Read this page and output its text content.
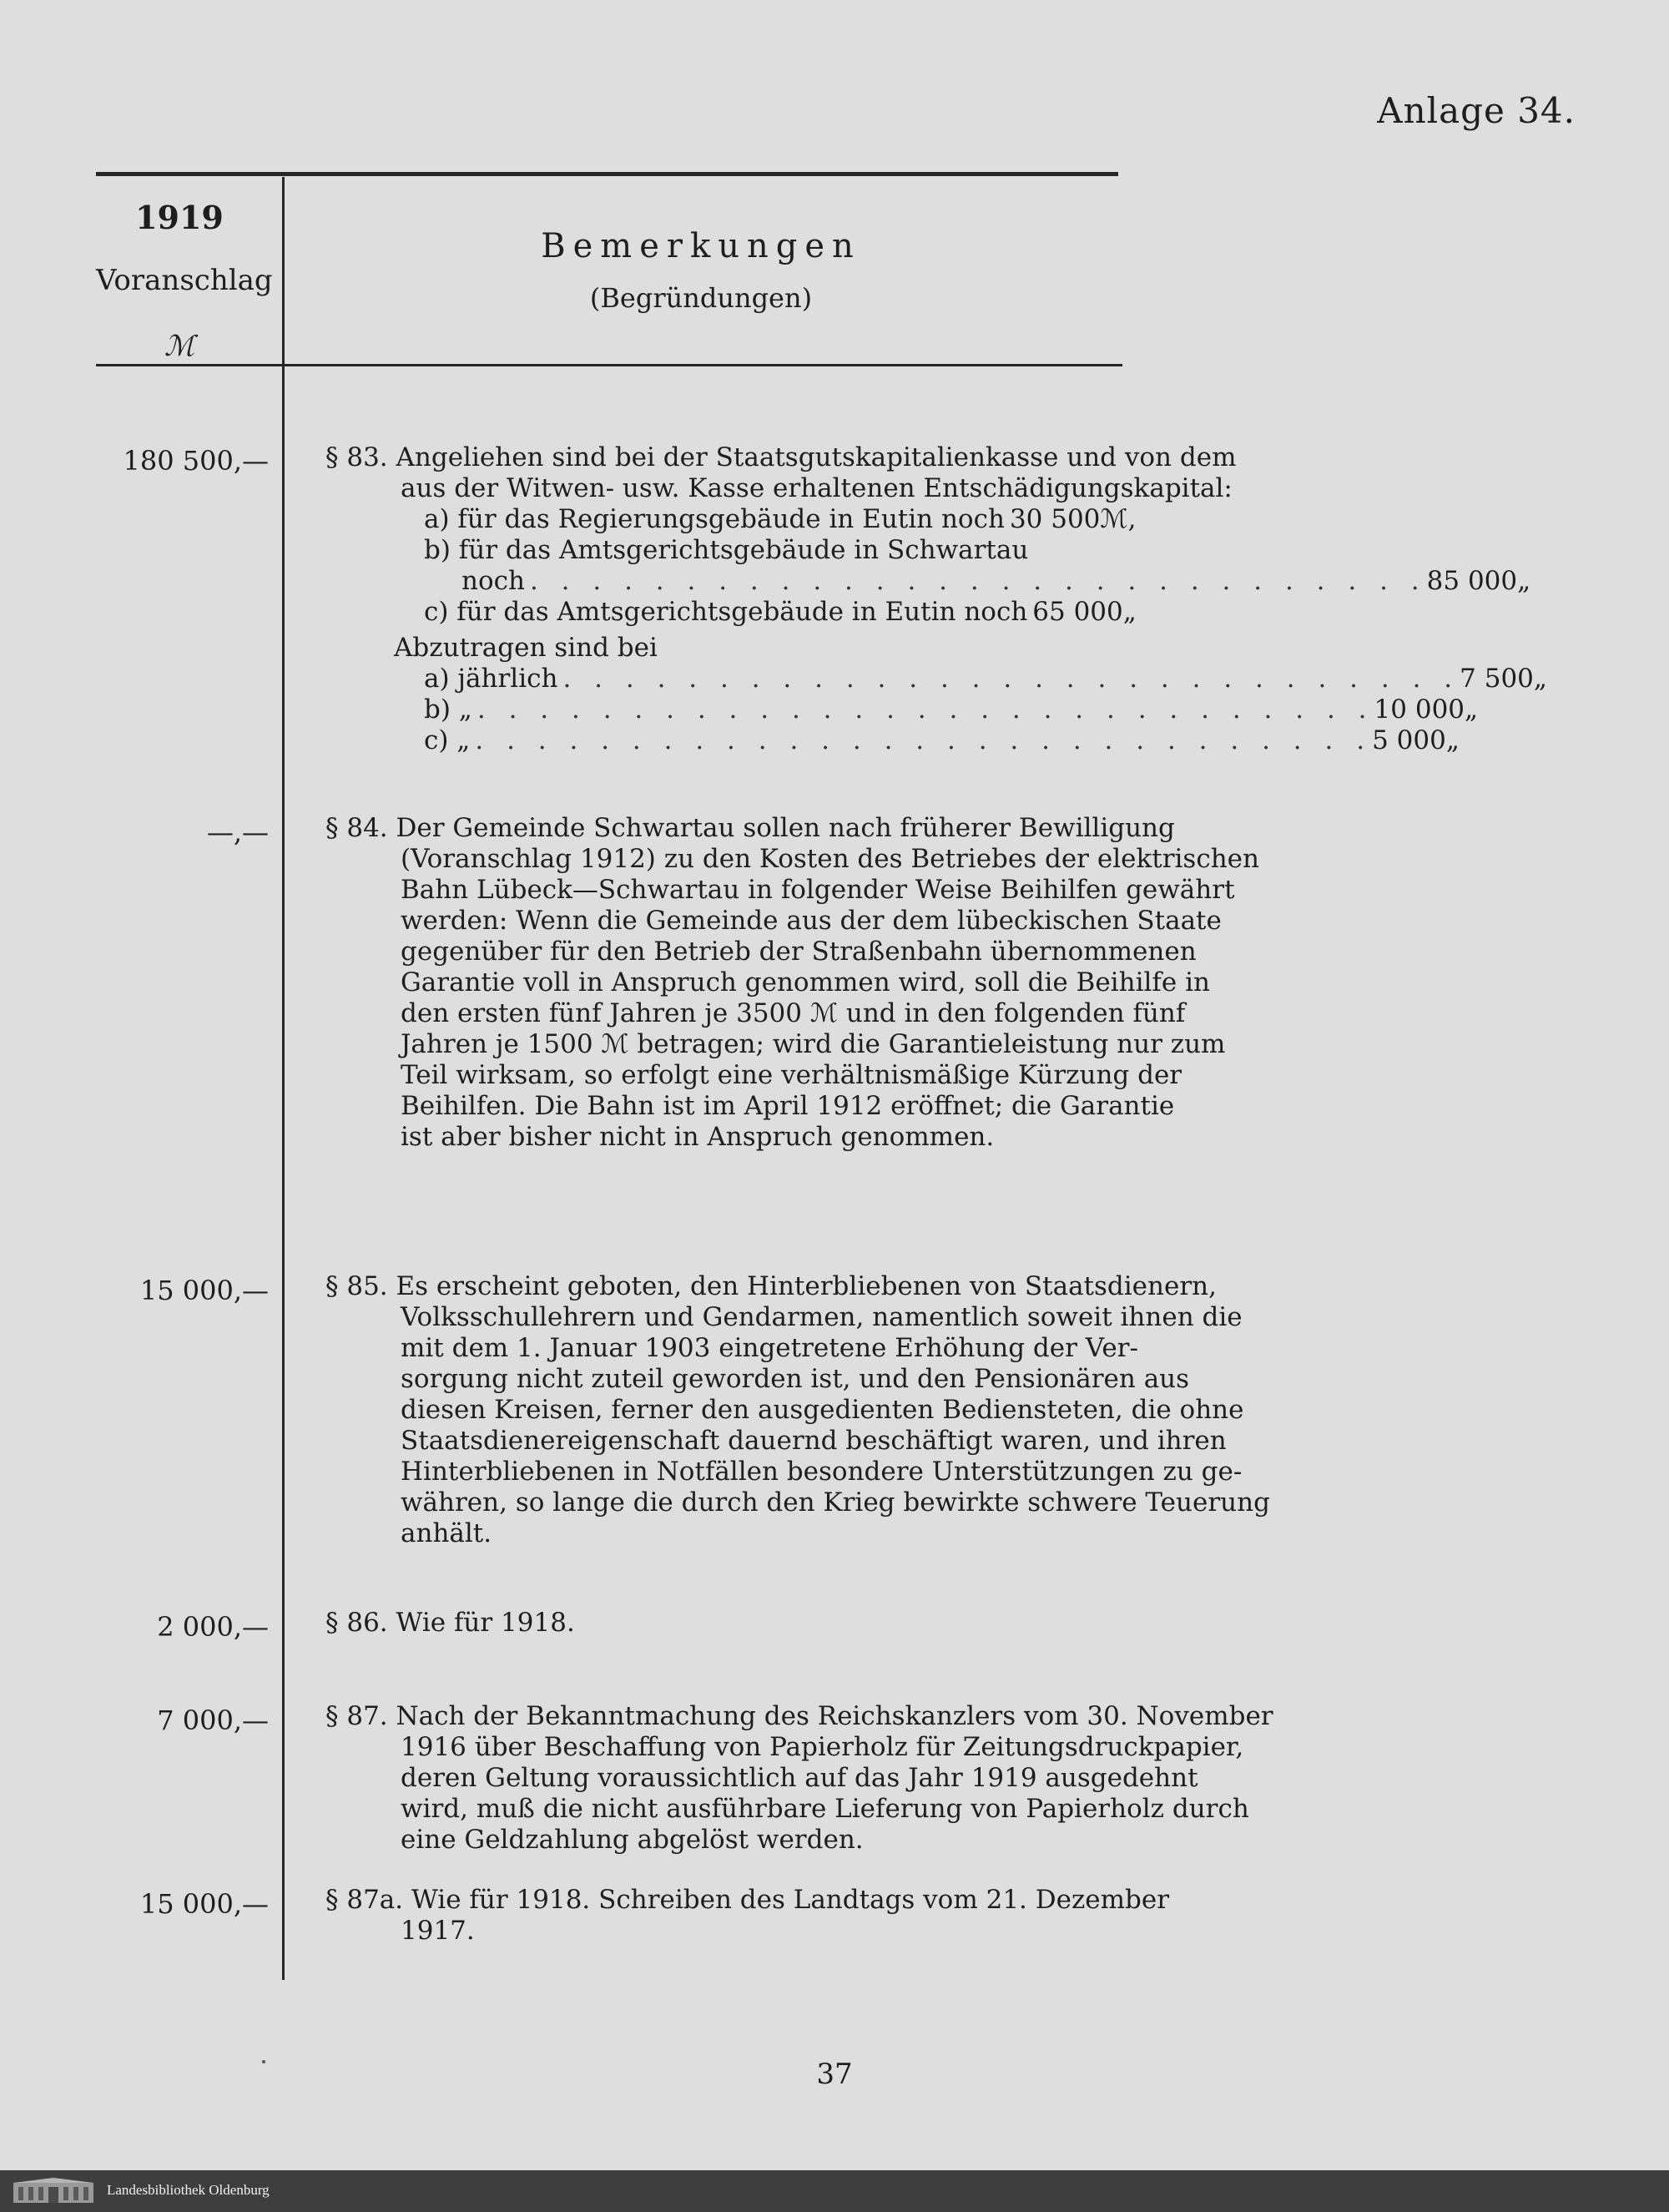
Anlage 34.
1919
Voranschlag
ℳ
Bemerkungen
(Begründungen)
180 500,— § 83. Angeliehen sind bei der Staatsgutskapitalienkasse und von dem
aus der Witwen- usw. Kasse erhaltenen Entschädigungskapital:
a) für das Regierungsgebäude in Eutin noch 30 500 ℳ,
b) für das Amtsgerichtsgebäude in Schwartau
noch . . . . . . . . . . . . . . . . . . . . . . . . . . . . . 85 000 „
c) für das Amtsgerichtsgebäude in Eutin noch 65 000 „
Abzutragen sind bei
a) jährlich . . . . . . . . . . . . . . . . . . . . . . . . . . . . . 7 500 „
b) „ . . . . . . . . . . . . . . . . . . . . . . . . . . . . . 10 000 „
c) „ . . . . . . . . . . . . . . . . . . . . . . . . . . . . . 5 000 „
—,— § 84. Der Gemeinde Schwartau sollen nach früherer Bewilligung
(Voranschlag 1912) zu den Kosten des Betriebes der elektrischen
Bahn Lübeck—Schwartau in folgender Weise Beihilfen gewährt
werden: Wenn die Gemeinde aus der dem lübeckischen Staate
gegenüber für den Betrieb der Straßenbahn übernommenen
Garantie voll in Anspruch genommen wird, soll die Beihilfe in
den ersten fünf Jahren je 3500 ℳ und in den folgenden fünf
Jahren je 1500 ℳ betragen; wird die Garantieleistung nur zum
Teil wirksam, so erfolgt eine verhältnismäßige Kürzung der
Beihilfen. Die Bahn ist im April 1912 eröffnet; die Garantie
ist aber bisher nicht in Anspruch genommen.
15 000,— § 85. Es erscheint geboten, den Hinterbliebenen von Staatsdienern,
Volksschullehrern und Gendarmen, namentlich soweit ihnen die
mit dem 1. Januar 1903 eingetretene Erhöhung der Ver-
sorgung nicht zuteil geworden ist, und den Pensionären aus
diesen Kreisen, ferner den ausgedienten Bediensteten, die ohne
Staatsdienereigenschaft dauernd beschäftigt waren, und ihren
Hinterbliebenen in Notfällen besondere Unterstützungen zu ge-
währen, so lange die durch den Krieg bewirkte schwere Teuerung
anhält.
2 000,— § 86. Wie für 1918.
7 000,— § 87. Nach der Bekanntmachung des Reichskanzlers vom 30. November
1916 über Beschaffung von Papierholz für Zeitungsdruckpapier,
deren Geltung voraussichtlich auf das Jahr 1919 ausgedehnt
wird, muß die nicht ausführbare Lieferung von Papierholz durch
eine Geldzahlung abgelöst werden.
15 000,— § 87a. Wie für 1918. Schreiben des Landtags vom 21. Dezember
1917.
37
Landesbibliothek Oldenburg
